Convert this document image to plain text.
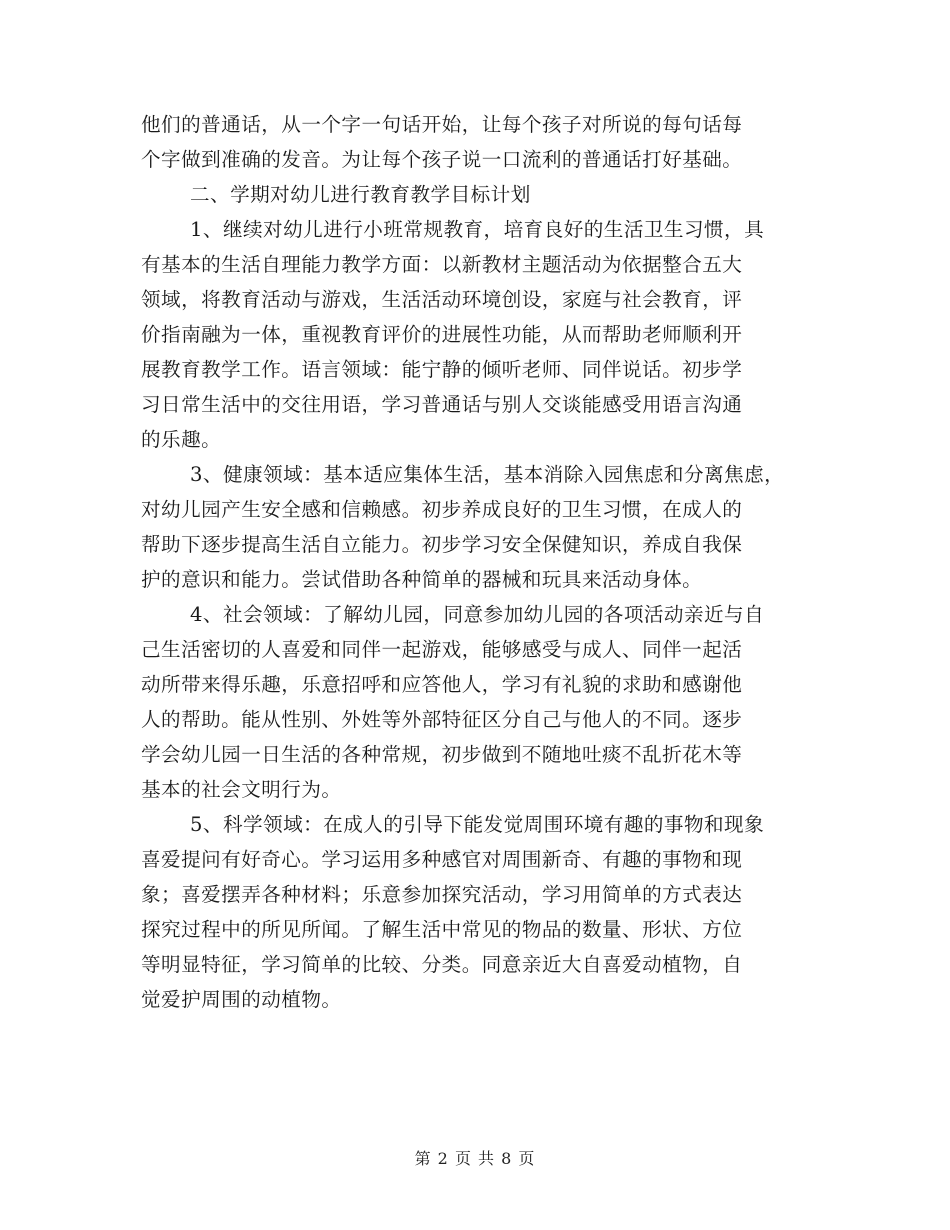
他们的普通话，从一个字一句话开始，让每个孩子对所说的每句话每
个字做到准确的发音。为让每个孩子说一口流利的普通话打好基础。
二、学期对幼儿进行教育教学目标计划
1、继续对幼儿进行小班常规教育，培育良好的生活卫生习惯，具
有基本的生活自理能力教学方面：以新教材主题活动为依据整合五大
领域，将教育活动与游戏，生活活动环境创设，家庭与社会教育，评
价指南融为一体，重视教育评价的进展性功能，从而帮助老师顺利开
展教育教学工作。语言领域：能宁静的倾听老师、同伴说话。初步学
习日常生活中的交往用语，学习普通话与别人交谈能感受用语言沟通
的乐趣。
3、健康领域：基本适应集体生活，基本消除入园焦虑和分离焦虑，
对幼儿园产生安全感和信赖感。初步养成良好的卫生习惯，在成人的
帮助下逐步提高生活自立能力。初步学习安全保健知识，养成自我保
护的意识和能力。尝试借助各种简单的器械和玩具来活动身体。
4、社会领域：了解幼儿园，同意参加幼儿园的各项活动亲近与自
己生活密切的人喜爱和同伴一起游戏，能够感受与成人、同伴一起活
动所带来得乐趣，乐意招呼和应答他人，学习有礼貌的求助和感谢他
人的帮助。能从性别、外姓等外部特征区分自己与他人的不同。逐步
学会幼儿园一日生活的各种常规，初步做到不随地吐痰不乱折花木等
基本的社会文明行为。
5、科学领域：在成人的引导下能发觉周围环境有趣的事物和现象
喜爱提问有好奇心。学习运用多种感官对周围新奇、有趣的事物和现
象；喜爱摆弄各种材料；乐意参加探究活动，学习用简单的方式表达
探究过程中的所见所闻。了解生活中常见的物品的数量、形状、方位
等明显特征，学习简单的比较、分类。同意亲近大自喜爱动植物，自
觉爱护周围的动植物。
第 2 页 共 8 页
